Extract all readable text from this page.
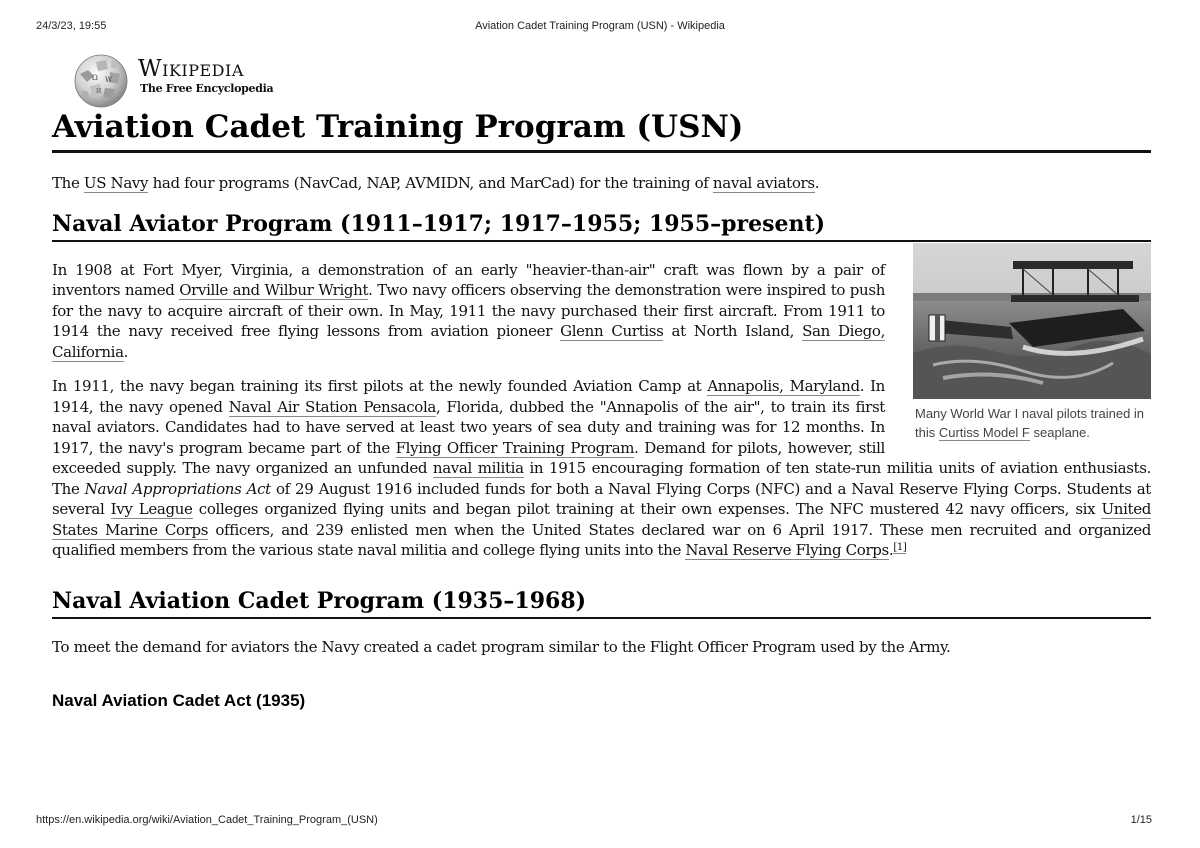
24/3/23, 19:55	Aviation Cadet Training Program (USN) - Wikipedia
Ω W
И
Wikipedia
The Free Encyclopedia
Aviation Cadet Training Program (USN)

The US Navy had four programs (NavCad, NAP, AVMIDN, and MarCad) for the training of naval aviators.

Naval Aviator Program (1911–1917; 1917–1955; 1955–present)
Many World War I naval pilots trained in this Curtiss Model F seaplane.

In 1908 at Fort Myer, Virginia, a demonstration of an early "heavier-than-air" craft was flown by a pair of inventors named Orville and Wilbur Wright. Two navy officers observing the demonstration were inspired to push for the navy to acquire aircraft of their own. In May, 1911 the navy purchased their first aircraft. From 1911 to 1914 the navy received free flying lessons from aviation pioneer Glenn Curtiss at North Island, San Diego, California.

In 1911, the navy began training its first pilots at the newly founded Aviation Camp at Annapolis, Maryland. In 1914, the navy opened Naval Air Station Pensacola, Florida, dubbed the "Annapolis of the air", to train its first naval aviators. Candidates had to have served at least two years of sea duty and training was for 12 months. In 1917, the navy's program became part of the Flying Officer Training Program. Demand for pilots, however, still exceeded supply. The navy organized an unfunded naval militia in 1915 encouraging formation of ten state-run militia units of aviation enthusiasts. The Naval Appropriations Act of 29 August 1916 included funds for both a Naval Flying Corps (NFC) and a Naval Reserve Flying Corps. Students at several Ivy League colleges organized flying units and began pilot training at their own expenses. The NFC mustered 42 navy officers, six United States Marine Corps officers, and 239 enlisted men when the United States declared war on 6 April 1917. These men recruited and organized qualified members from the various state naval militia and college flying units into the Naval Reserve Flying Corps.[1]

Naval Aviation Cadet Program (1935–1968)

To meet the demand for aviators the Navy created a cadet program similar to the Flight Officer Program used by the Army.

Naval Aviation Cadet Act (1935)
https://en.wikipedia.org/wiki/Aviation_Cadet_Training_Program_(USN)	1/15
